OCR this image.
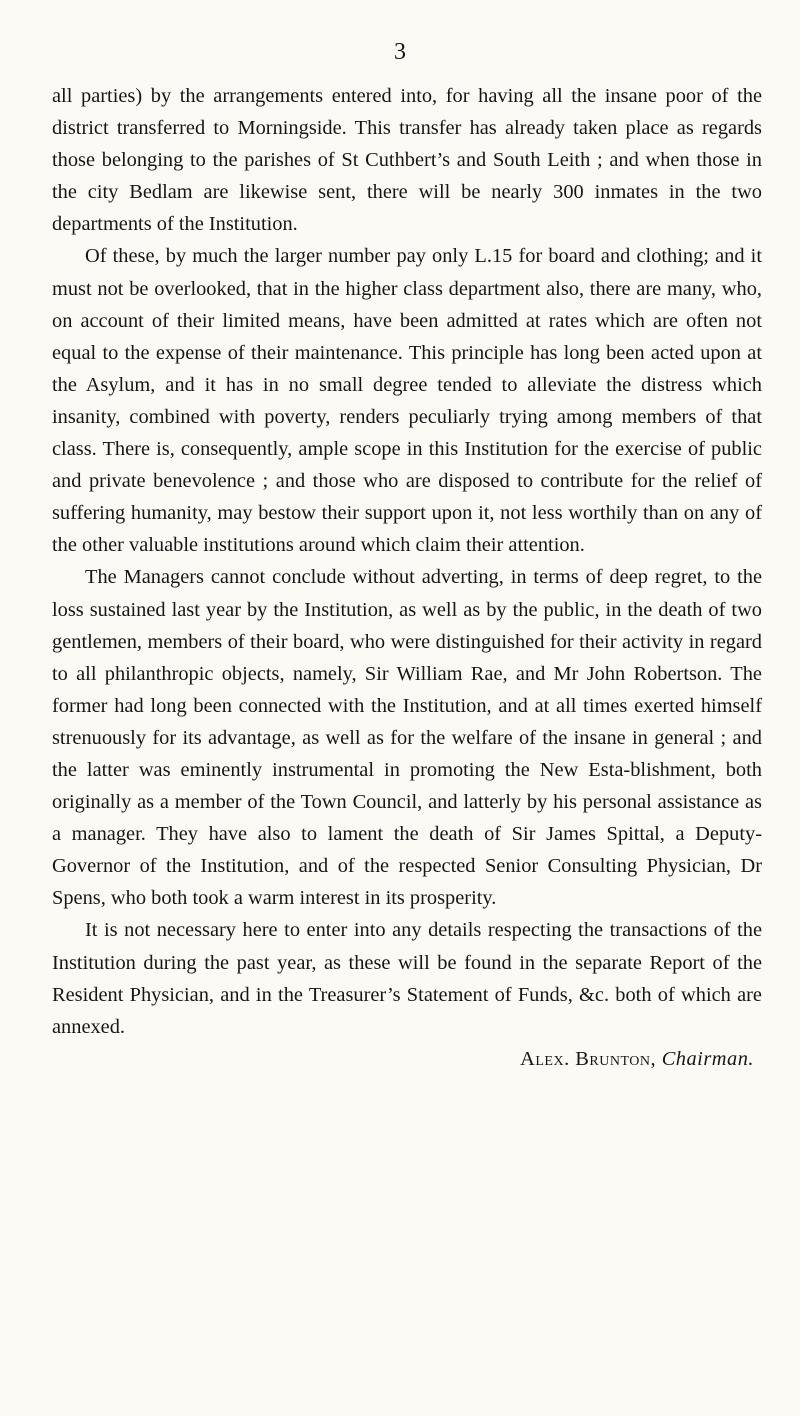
3

all parties) by the arrangements entered into, for having all the insane poor of the district transferred to Morningside. This transfer has already taken place as regards those belonging to the parishes of St Cuthbert’s and South Leith ; and when those in the city Bedlam are likewise sent, there will be nearly 300 inmates in the two departments of the Institution.

Of these, by much the larger number pay only L.15 for board and clothing; and it must not be overlooked, that in the higher class department also, there are many, who, on account of their limited means, have been admitted at rates which are often not equal to the expense of their maintenance. This principle has long been acted upon at the Asylum, and it has in no small degree tended to alleviate the distress which insanity, combined with poverty, renders peculiarly trying among members of that class. There is, consequently, ample scope in this Institution for the exercise of public and private benevolence ; and those who are disposed to contribute for the relief of suffering humanity, may bestow their support upon it, not less worthily than on any of the other valuable institutions around which claim their attention.

The Managers cannot conclude without adverting, in terms of deep regret, to the loss sustained last year by the Institution, as well as by the public, in the death of two gentlemen, members of their board, who were distinguished for their activity in regard to all philanthropic objects, namely, Sir William Rae, and Mr John Robertson. The former had long been connected with the Institution, and at all times exerted himself strenuously for its advantage, as well as for the welfare of the insane in general ; and the latter was eminently instrumental in promoting the New Esta-blishment, both originally as a member of the Town Council, and latterly by his personal assistance as a manager. They have also to lament the death of Sir James Spittal, a Deputy-Governor of the Institution, and of the respected Senior Consulting Physician, Dr Spens, who both took a warm interest in its prosperity.

It is not necessary here to enter into any details respecting the transactions of the Institution during the past year, as these will be found in the separate Report of the Resident Physician, and in the Treasurer’s Statement of Funds, &c. both of which are annexed.

Alex. Brunton, Chairman.
